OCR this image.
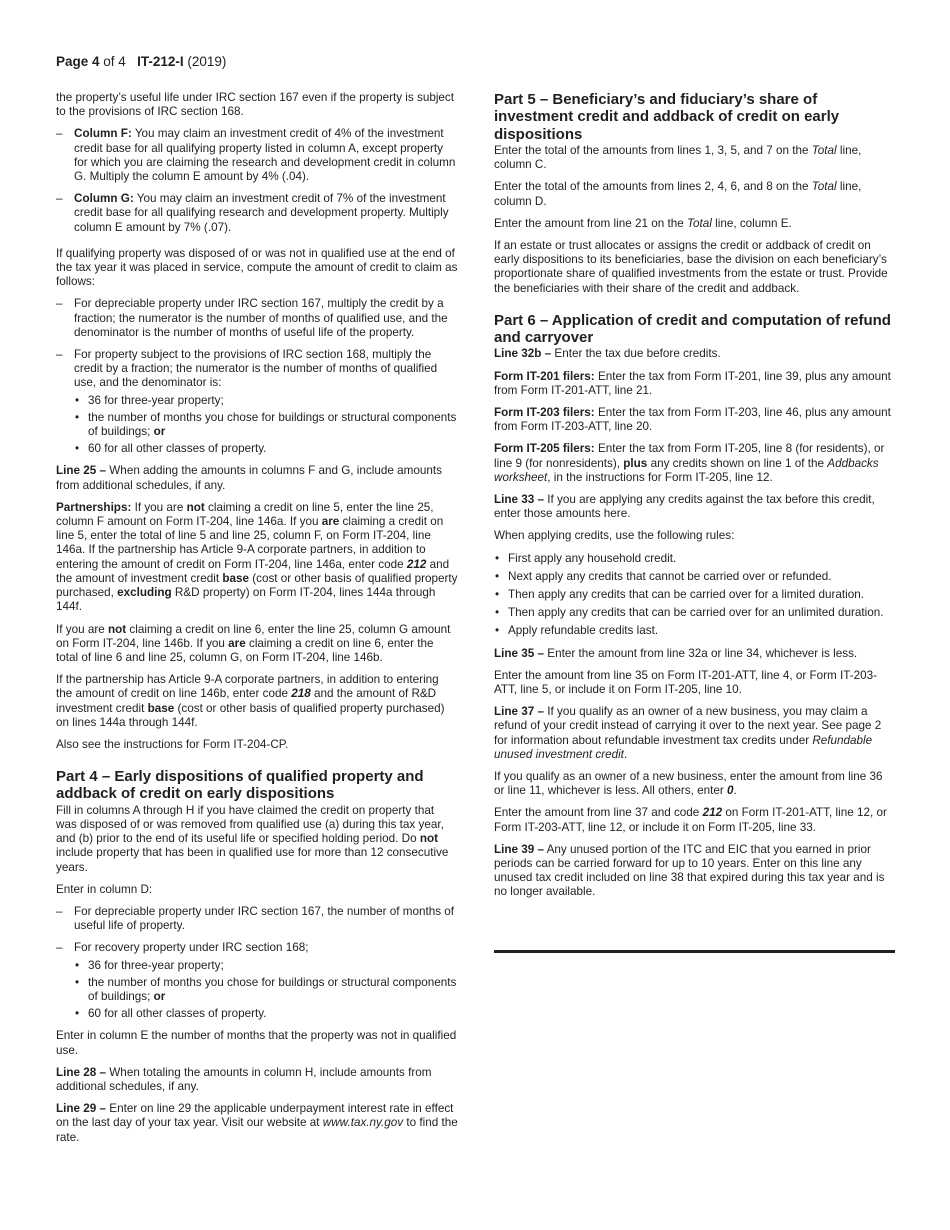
Page 4 of 4 IT-212-I (2019)

the property’s useful life under IRC section 167 even if the property is subject to the provisions of IRC section 168.

– Column F: You may claim an investment credit of 4% of the investment credit base for all qualifying property listed in column A, except property for which you are claiming the research and development credit in column G. Multiply the column E amount by 4% (.04).
– Column G: You may claim an investment credit of 7% of the investment credit base for all qualifying research and development property. Multiply column E amount by 7% (.07).

If qualifying property was disposed of or was not in qualified use at the end of the tax year it was placed in service, compute the amount of credit to claim as follows:

– For depreciable property under IRC section 167, multiply the credit by a fraction; the numerator is the number of months of qualified use, and the denominator is the number of months of useful life of the property.
– For property subject to the provisions of IRC section 168, multiply the credit by a fraction; the numerator is the number of months of qualified use, and the denominator is:
• 36 for three-year property;
• the number of months you chose for buildings or structural components of buildings; or
• 60 for all other classes of property.

Line 25 – When adding the amounts in columns F and G, include amounts from additional schedules, if any.

Partnerships: If you are not claiming a credit on line 5, enter the line 25, column F amount on Form IT-204, line 146a. If you are claiming a credit on line 5, enter the total of line 5 and line 25, column F, on Form IT-204, line 146a. If the partnership has Article 9-A corporate partners, in addition to entering the amount of credit on Form IT-204, line 146a, enter code 212 and the amount of investment credit base (cost or other basis of qualified property purchased, excluding R&D property) on Form IT-204, lines 144a through 144f.

If you are not claiming a credit on line 6, enter the line 25, column G amount on Form IT-204, line 146b. If you are claiming a credit on line 6, enter the total of line 6 and line 25, column G, on Form IT-204, line 146b.

If the partnership has Article 9-A corporate partners, in addition to entering the amount of credit on line 146b, enter code 218 and the amount of R&D investment credit base (cost or other basis of qualified property purchased) on lines 144a through 144f.

Also see the instructions for Form IT-204-CP.

Part 4 – Early dispositions of qualified property and addback of credit on early dispositions

Fill in columns A through H if you have claimed the credit on property that was disposed of or was removed from qualified use (a) during this tax year, and (b) prior to the end of its useful life or specified holding period. Do not include property that has been in qualified use for more than 12 consecutive years.

Enter in column D:

– For depreciable property under IRC section 167, the number of months of useful life of property.
– For recovery property under IRC section 168;
• 36 for three-year property;
• the number of months you chose for buildings or structural components of buildings; or
• 60 for all other classes of property.

Enter in column E the number of months that the property was not in qualified use.

Line 28 – When totaling the amounts in column H, include amounts from additional schedules, if any.

Line 29 – Enter on line 29 the applicable underpayment interest rate in effect on the last day of your tax year. Visit our website at www.tax.ny.gov to find the rate.

Part 5 – Beneficiary’s and fiduciary’s share of investment credit and addback of credit on early dispositions

Enter the total of the amounts from lines 1, 3, 5, and 7 on the Total line, column C.

Enter the total of the amounts from lines 2, 4, 6, and 8 on the Total line, column D.

Enter the amount from line 21 on the Total line, column E.

If an estate or trust allocates or assigns the credit or addback of credit on early dispositions to its beneficiaries, base the division on each beneficiary’s proportionate share of qualified investments from the estate or trust. Provide the beneficiaries with their share of the credit and addback.

Part 6 – Application of credit and computation of refund and carryover

Line 32b – Enter the tax due before credits.

Form IT-201 filers: Enter the tax from Form IT-201, line 39, plus any amount from Form IT-201-ATT, line 21.

Form IT-203 filers: Enter the tax from Form IT-203, line 46, plus any amount from Form IT-203-ATT, line 20.

Form IT-205 filers: Enter the tax from Form IT-205, line 8 (for residents), or line 9 (for nonresidents), plus any credits shown on line 1 of the Addbacks worksheet, in the instructions for Form IT-205, line 12.

Line 33 – If you are applying any credits against the tax before this credit, enter those amounts here.

When applying credits, use the following rules:

• First apply any household credit.
• Next apply any credits that cannot be carried over or refunded.
• Then apply any credits that can be carried over for a limited duration.
• Then apply any credits that can be carried over for an unlimited duration.
• Apply refundable credits last.

Line 35 – Enter the amount from line 32a or line 34, whichever is less.

Enter the amount from line 35 on Form IT-201-ATT, line 4, or Form IT-203-ATT, line 5, or include it on Form IT-205, line 10.

Line 37 – If you qualify as an owner of a new business, you may claim a refund of your credit instead of carrying it over to the next year. See page 2 for information about refundable investment tax credits under Refundable unused investment credit.

If you qualify as an owner of a new business, enter the amount from line 36 or line 11, whichever is less. All others, enter 0.

Enter the amount from line 37 and code 212 on Form IT-201-ATT, line 12, or Form IT-203-ATT, line 12, or include it on Form IT-205, line 33.

Line 39 – Any unused portion of the ITC and EIC that you earned in prior periods can be carried forward for up to 10 years. Enter on this line any unused tax credit included on line 38 that expired during this tax year and is no longer available.
